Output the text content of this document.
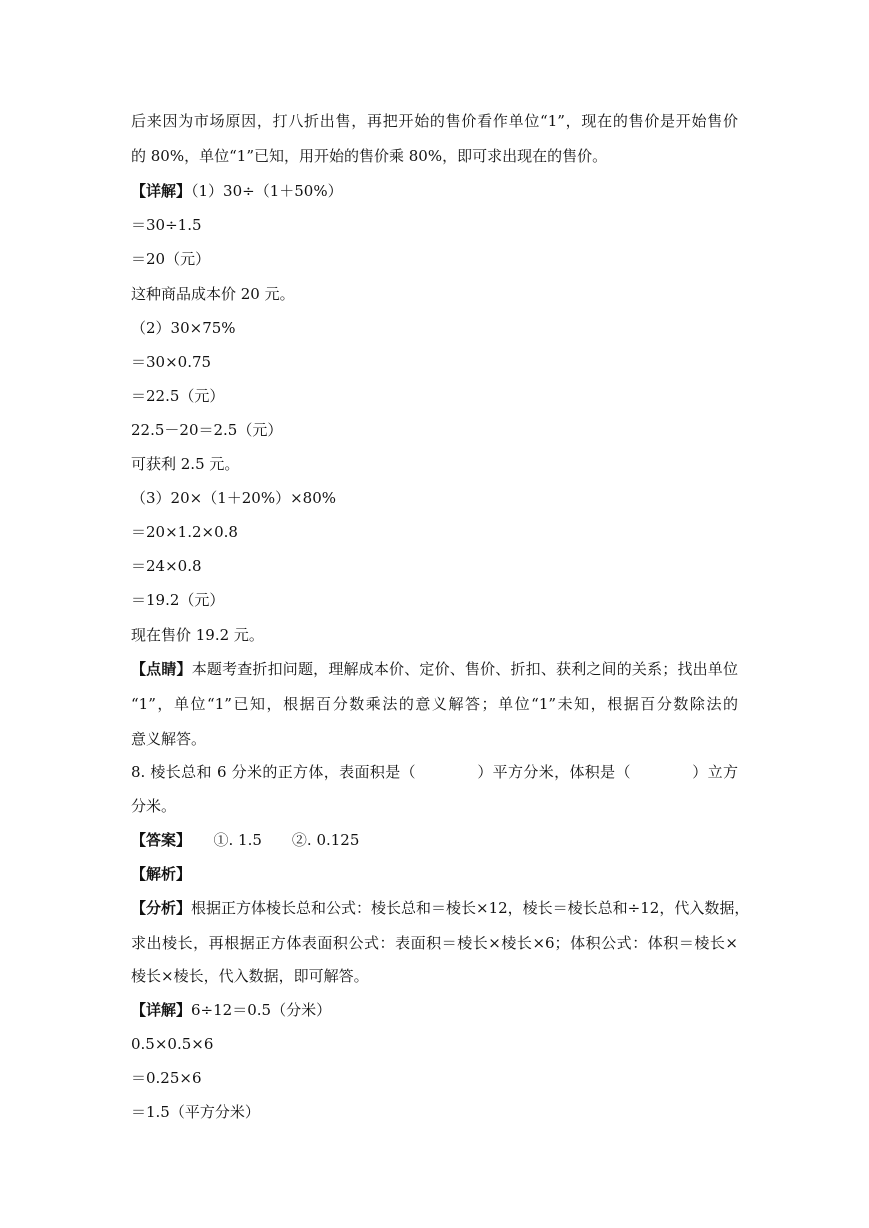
后来因为市场原因，打八折出售，再把开始的售价看作单位“1”，现在的售价是开始售价
的 80%，单位“1”已知，用开始的售价乘 80%，即可求出现在的售价。
【详解】（1）30÷（1＋50%）
＝30÷1.5
＝20（元）
这种商品成本价 20 元。
（2）30×75%
＝30×0.75
＝22.5（元）
22.5－20＝2.5（元）
可获利 2.5 元。
（3）20×（1＋20%）×80%
＝20×1.2×0.8
＝24×0.8
＝19.2（元）
现在售价 19.2 元。
【点睛】本题考查折扣问题，理解成本价、定价、售价、折扣、获利之间的关系；找出单位
“1”，单位“1”已知，根据百分数乘法的意义解答；单位“1”未知，根据百分数除法的
意义解答。
8. 棱长总和 6 分米的正方体，表面积是（　　　　）平方分米，体积是（　　　　）立方
分米。
【答案】　　①. 1.5　　②. 0.125
【解析】
【分析】根据正方体棱长总和公式：棱长总和＝棱长×12，棱长＝棱长总和÷12，代入数据，
求出棱长，再根据正方体表面积公式：表面积＝棱长×棱长×6；体积公式：体积＝棱长×
棱长×棱长，代入数据，即可解答。
【详解】6÷12＝0.5（分米）
0.5×0.5×6
＝0.25×6
＝1.5（平方分米）
